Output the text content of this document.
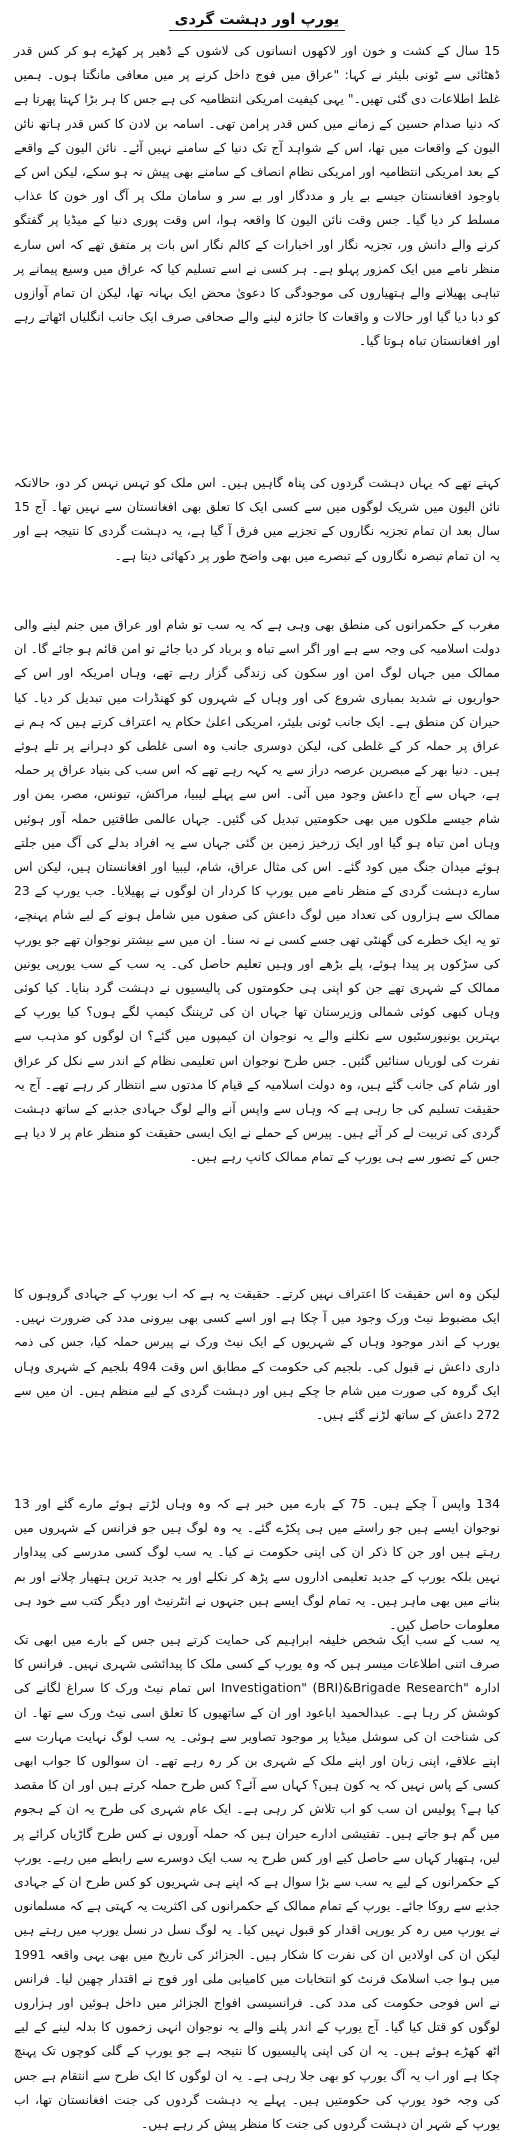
یورپ اور دہشت گردی

15 سال کے کشت و خون اور لاکھوں انسانوں کی لاشوں کے ڈھیر پر کھڑے ہو کر کس قدر ڈھٹائی سے ٹونی بلیئر نے کہا: "عراق میں فوج داخل کرنے پر میں معافی مانگتا ہوں۔ ہمیں غلط اطلاعات دی گئی تھیں۔" یہی کیفیت امریکی انتظامیہ کی ہے جس کا ہر بڑا کہتا پھرتا ہے کہ دنیا صدام حسین کے زمانے میں کس قدر پرامن تھی۔ اسامہ بن لادن کا کس قدر ہاتھ نائن الیون کے واقعات میں تھا، اس کے شواہد آج تک دنیا کے سامنے نہیں آئے۔ نائن الیون کے واقعے کے بعد امریکی انتظامیہ اور امریکی نظام انصاف کے سامنے بھی پیش نہ ہو سکے، لیکن اس کے باوجود افغانستان جیسے بے یار و مددگار اور بے سر و سامان ملک پر آگ اور خون کا عذاب مسلط کر دیا گیا۔ جس وقت نائن الیون کا واقعہ ہوا، اس وقت پوری دنیا کے میڈیا پر گفتگو کرنے والے دانش ور، تجزیہ نگار اور اخبارات کے کالم نگار اس بات پر متفق تھے کہ اس سارے منظر نامے میں ایک کمزور پہلو ہے۔ ہر کسی نے اسے تسلیم کیا کہ عراق میں وسیع پیمانے پر تباہی پھیلانے والے ہتھیاروں کی موجودگی کا دعویٰ محض ایک بہانہ تھا، لیکن ان تمام آوازوں کو دبا دیا گیا اور حالات و واقعات کا جائزہ لینے والے صحافی صرف ایک جانب انگلیاں اٹھاتے رہے اور افغانستان تباہ ہوتا گیا۔

کہتے تھے کہ یہاں دہشت گردوں کی پناہ گاہیں ہیں۔ اس ملک کو تہس نہس کر دو، حالانکہ نائن الیون میں شریک لوگوں میں سے کسی ایک کا تعلق بھی افغانستان سے نہیں تھا۔ آج 15 سال بعد ان تمام تجزیہ نگاروں کے تجزیے میں فرق آ گیا ہے، یہ دہشت گردی کا نتیجہ ہے اور یہ ان تمام تبصرہ نگاروں کے تبصرے میں بھی واضح طور پر دکھائی دیتا ہے۔

مغرب کے حکمرانوں کی منطق بھی وہی ہے کہ یہ سب تو شام اور عراق میں جنم لینے والی دولت اسلامیہ کی وجہ سے ہے اور اگر اسے تباہ و برباد کر دیا جائے تو امن قائم ہو جائے گا۔ ان ممالک میں جہاں لوگ امن اور سکون کی زندگی گزار رہے تھے، وہاں امریکہ اور اس کے حواریوں نے شدید بمباری شروع کی اور وہاں کے شہروں کو کھنڈرات میں تبدیل کر دیا۔ کیا حیران کن منطق ہے۔ ایک جانب ٹونی بلیئر، امریکی اعلیٰ حکام یہ اعتراف کرتے ہیں کہ ہم نے عراق پر حملہ کر کے غلطی کی، لیکن دوسری جانب وہ اسی غلطی کو دہرانے پر تلے ہوئے ہیں۔ دنیا بھر کے مبصرین عرصہ دراز سے یہ کہہ رہے تھے کہ اس سب کی بنیاد عراق پر حملہ ہے، جہاں سے آج داعش وجود میں آئی۔ اس سے پہلے لیبیا، مراکش، تیونس، مصر، یمن اور شام جیسے ملکوں میں بھی حکومتیں تبدیل کی گئیں۔ جہاں عالمی طاقتیں حملہ آور ہوئیں وہاں امن تباہ ہو گیا اور ایک زرخیز زمین بن گئی جہاں سے یہ افراد بدلے کی آگ میں جلتے ہوئے میدان جنگ میں کود گئے۔ اس کی مثال عراق، شام، لیبیا اور افغانستان ہیں، لیکن اس سارے دہشت گردی کے منظر نامے میں یورپ کا کردار ان لوگوں نے پھیلایا۔ جب یورپ کے 23 ممالک سے ہزاروں کی تعداد میں لوگ داعش کی صفوں میں شامل ہونے کے لیے شام پہنچے، تو یہ ایک خطرے کی گھنٹی تھی جسے کسی نے نہ سنا۔ ان میں سے بیشتر نوجوان تھے جو یورپ کی سڑکوں پر پیدا ہوئے، پلے بڑھے اور وہیں تعلیم حاصل کی۔ یہ سب کے سب یورپی یونین ممالک کے شہری تھے جن کو اپنی ہی حکومتوں کی پالیسیوں نے دہشت گرد بنایا۔ کیا کوئی وہاں کبھی کوئی شمالی وزیرستان تھا جہاں ان کی ٹریننگ کیمپ لگے ہوں؟ کیا یورپ کے بہترین یونیورسٹیوں سے نکلنے والے یہ نوجوان ان کیمپوں میں گئے؟ ان لوگوں کو مذہب سے نفرت کی لوریاں سنائیں گئیں۔ جس طرح نوجوان اس تعلیمی نظام کے اندر سے نکل کر عراق اور شام کی جانب گئے ہیں، وہ دولت اسلامیہ کے قیام کا مدتوں سے انتظار کر رہے تھے۔ آج یہ حقیقت تسلیم کی جا رہی ہے کہ وہاں سے واپس آنے والے لوگ جہادی جذبے کے ساتھ دہشت گردی کی تربیت لے کر آئے ہیں۔ پیرس کے حملے نے ایک ایسی حقیقت کو منظر عام پر لا دیا ہے جس کے تصور سے ہی یورپ کے تمام ممالک کانپ رہے ہیں۔

لیکن وہ اس حقیقت کا اعتراف نہیں کرتے۔ حقیقت یہ ہے کہ اب یورپ کے جہادی گروہوں کا ایک مضبوط نیٹ ورک وجود میں آ چکا ہے اور اسے کسی بھی بیرونی مدد کی ضرورت نہیں۔ یورپ کے اندر موجود وہاں کے شہریوں کے ایک نیٹ ورک نے پیرس حملہ کیا، جس کی ذمہ داری داعش نے قبول کی۔ بلجیم کی حکومت کے مطابق اس وقت 494 بلجیم کے شہری وہاں ایک گروہ کی صورت میں شام جا چکے ہیں اور دہشت گردی کے لیے منظم ہیں۔ ان میں سے 272 داعش کے ساتھ لڑنے گئے ہیں۔

134 واپس آ چکے ہیں۔ 75 کے بارے میں خبر ہے کہ وہ وہاں لڑتے ہوئے مارے گئے اور 13 نوجوان ایسے ہیں جو راستے میں ہی پکڑے گئے۔ یہ وہ لوگ ہیں جو فرانس کے شہروں میں رہتے ہیں اور جن کا ذکر ان کی اپنی حکومت نے کیا۔ یہ سب لوگ کسی مدرسے کی پیداوار نہیں بلکہ یورپ کے جدید تعلیمی اداروں سے پڑھ کر نکلے اور یہ جدید ترین ہتھیار چلانے اور بم بنانے میں بھی ماہر ہیں۔ یہ تمام لوگ ایسے ہیں جنہوں نے انٹرنیٹ اور دیگر کتب سے خود ہی معلومات حاصل کیں۔

یہ سب کے سب ایک شخص خلیفہ ابراہیم کی حمایت کرتے ہیں جس کے بارے میں ابھی تک صرف اتنی اطلاعات میسر ہیں کہ وہ یورپ کے کسی ملک کا پیدائشی شہری نہیں۔ فرانس کا ادارہ "Investigation" (BRI)&Brigade Research اس تمام نیٹ ورک کا سراغ لگانے کی کوشش کر رہا ہے۔ عبدالحمید اباعود اور ان کے ساتھیوں کا تعلق اسی نیٹ ورک سے تھا۔ ان کی شناخت ان کی سوشل میڈیا پر موجود تصاویر سے ہوئی۔ یہ سب لوگ نہایت مہارت سے اپنے علاقے، اپنی زبان اور اپنے ملک کے شہری بن کر رہ رہے تھے۔ ان سوالوں کا جواب ابھی کسی کے پاس نہیں کہ یہ کون ہیں؟ کہاں سے آئے؟ کس طرح حملہ کرتے ہیں اور ان کا مقصد کیا ہے؟ پولیس ان سب کو اب تلاش کر رہی ہے۔ ایک عام شہری کی طرح یہ ان کے ہجوم میں گم ہو جاتے ہیں۔ تفتیشی ادارے حیران ہیں کہ حملہ آوروں نے کس طرح گاڑیاں کرائے پر لیں، ہتھیار کہاں سے حاصل کیے اور کس طرح یہ سب ایک دوسرے سے رابطے میں رہے۔ یورپ کے حکمرانوں کے لیے یہ سب سے بڑا سوال ہے کہ اپنے ہی شہریوں کو کس طرح ان کے جہادی جذبے سے روکا جائے۔ یورپ کے تمام ممالک کے حکمرانوں کی اکثریت یہ کہتی ہے کہ مسلمانوں نے یورپ میں رہ کر یورپی اقدار کو قبول نہیں کیا۔ یہ لوگ نسل در نسل یورپ میں رہتے ہیں لیکن ان کی اولادیں ان کی نفرت کا شکار ہیں۔ الجزائر کی تاریخ میں بھی یہی واقعہ 1991 میں ہوا جب اسلامک فرنٹ کو انتخابات میں کامیابی ملی اور فوج نے اقتدار چھین لیا۔ فرانس نے اس فوجی حکومت کی مدد کی۔ فرانسیسی افواج الجزائر میں داخل ہوئیں اور ہزاروں لوگوں کو قتل کیا گیا۔ آج یورپ کے اندر پلنے والے یہ نوجوان انہی زخموں کا بدلہ لینے کے لیے اٹھ کھڑے ہوئے ہیں۔ یہ ان کی اپنی پالیسیوں کا نتیجہ ہے جو یورپ کے گلی کوچوں تک پہنچ چکا ہے اور اب یہ آگ یورپ کو بھی جلا رہی ہے۔ یہ ان لوگوں کا ایک طرح سے انتقام ہے جس کی وجہ خود یورپ کی حکومتیں ہیں۔ پہلے یہ دہشت گردوں کی جنت افغانستان تھا، اب یورپ کے شہر ان دہشت گردوں کی جنت کا منظر پیش کر رہے ہیں۔
